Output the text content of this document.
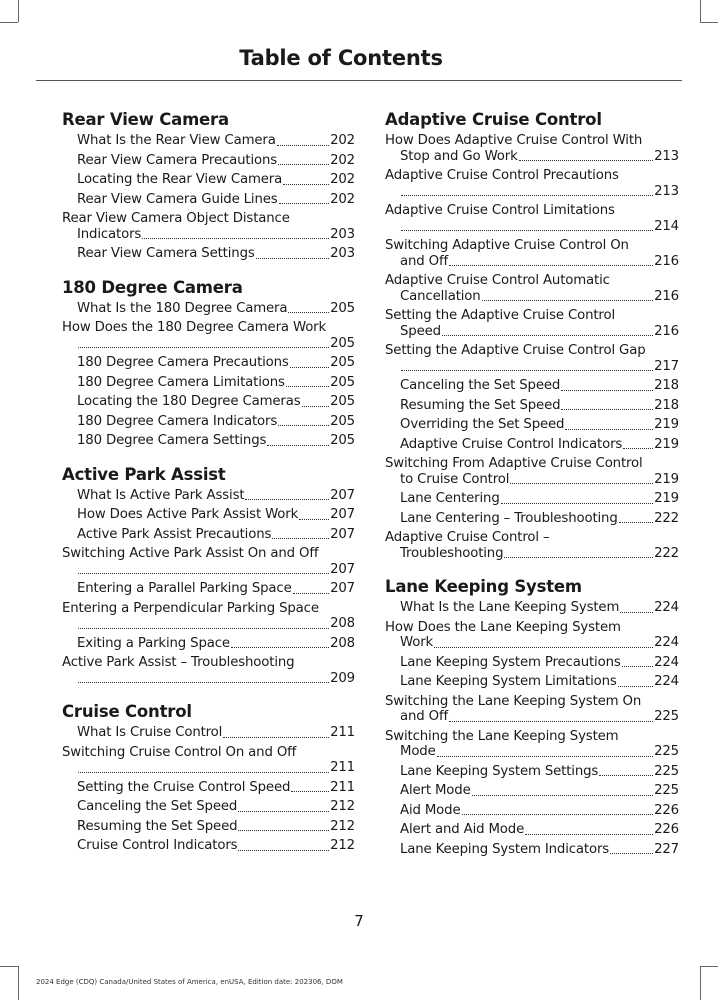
Table of Contents
Rear View Camera
What Is the Rear View Camera	202
Rear View Camera Precautions	202
Locating the Rear View Camera	202
Rear View Camera Guide Lines	202
Rear View Camera Object Distance
Indicators	203
Rear View Camera Settings	203
180 Degree Camera
What Is the 180 Degree Camera	205
How Does the 180 Degree Camera Work
205
180 Degree Camera Precautions	205
180 Degree Camera Limitations	205
Locating the 180 Degree Cameras 205
180 Degree Camera Indicators	205
180 Degree Camera Settings	205
Active Park Assist
What Is Active Park Assist	207
How Does Active Park Assist Work 207
Active Park Assist Precautions	207
Switching Active Park Assist On and Off
207
Entering a Parallel Parking Space	207
Entering a Perpendicular Parking Space
208
Exiting a Parking Space	208
Active Park Assist – Troubleshooting
209
Cruise Control
What Is Cruise Control	211
Switching Cruise Control On and Off
211
Setting the Cruise Control Speed	211
Canceling the Set Speed	212
Resuming the Set Speed	212
Cruise Control Indicators	212
Adaptive Cruise Control
How Does Adaptive Cruise Control With
Stop and Go Work	213
Adaptive Cruise Control Precautions
213
Adaptive Cruise Control Limitations
214
Switching Adaptive Cruise Control On
and Off	216
Adaptive Cruise Control Automatic
Cancellation	216
Setting the Adaptive Cruise Control
Speed	216
Setting the Adaptive Cruise Control Gap
217
Canceling the Set Speed	218
Resuming the Set Speed	218
Overriding the Set Speed	219
Adaptive Cruise Control Indicators 219
Switching From Adaptive Cruise Control
to Cruise Control	219
Lane Centering	219
Lane Centering – Troubleshooting	222
Adaptive Cruise Control –
Troubleshooting	222
Lane Keeping System
What Is the Lane Keeping System	224
How Does the Lane Keeping System
Work	224
Lane Keeping System Precautions	224
Lane Keeping System Limitations	224
Switching the Lane Keeping System On
and Off	225
Switching the Lane Keeping System
Mode	225
Lane Keeping System Settings	225
Alert Mode	225
Aid Mode	226
Alert and Aid Mode	226
Lane Keeping System Indicators	227
7
2024 Edge (CDQ) Canada/United States of America, enUSA, Edition date: 202306, DOM
